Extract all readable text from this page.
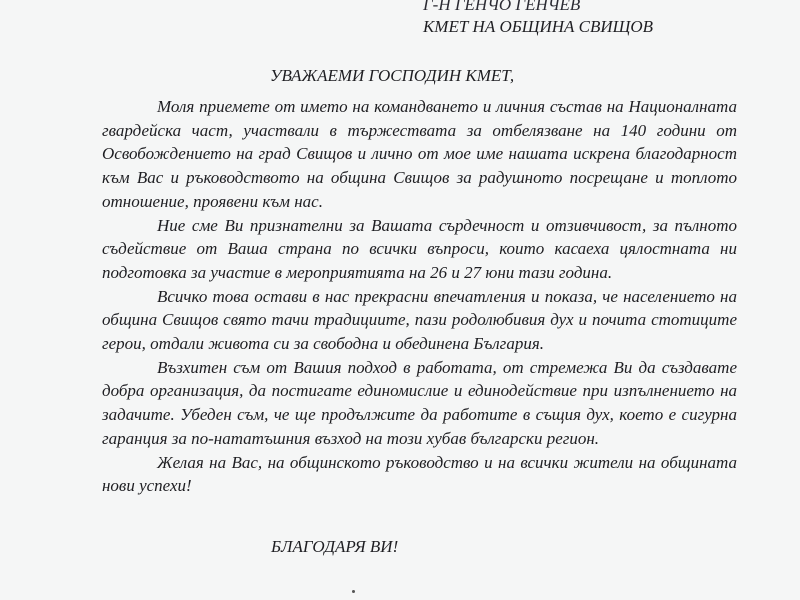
Г-Н ГЕНЧО ГЕНЧЕВ
КМЕТ НА ОБЩИНА СВИЩОВ
УВАЖАЕМИ ГОСПОДИН КМЕТ,

Моля приемете от името на командването и личния състав на Националната гвардейска част, участвали в тържествата за отбелязване на 140 години от Освобождението на град Свищов и лично от мое име нашата искрена благодарност към Вас и ръководството на община Свищов за радушното посрещане и топлото отношение, проявени към нас.

Ние сме Ви признателни за Вашата сърдечност и отзивчивост, за пълното съдействие от Ваша страна по всички въпроси, които касаеха цялостната ни подготовка за участие в мероприятията на 26 и 27 юни тази година.

Всичко това остави в нас прекрасни впечатления и показа, че населението на община Свищов свято тачи традициите, пази родолюбивия дух и почита стотиците герои, отдали живота си за свободна и обединена България.

Възхитен съм от Вашия подход в работата, от стремежа Ви да създавате добра организация, да постигате единомислие и единодействие при изпълнението на задачите. Убеден съм, че ще продължите да работите в същия дух, което е сигурна гаранция за по-нататъшния възход на този хубав български регион.

Желая на Вас, на общинското ръководство и на всички жители на общината нови успехи!

БЛАГОДАРЯ ВИ!
